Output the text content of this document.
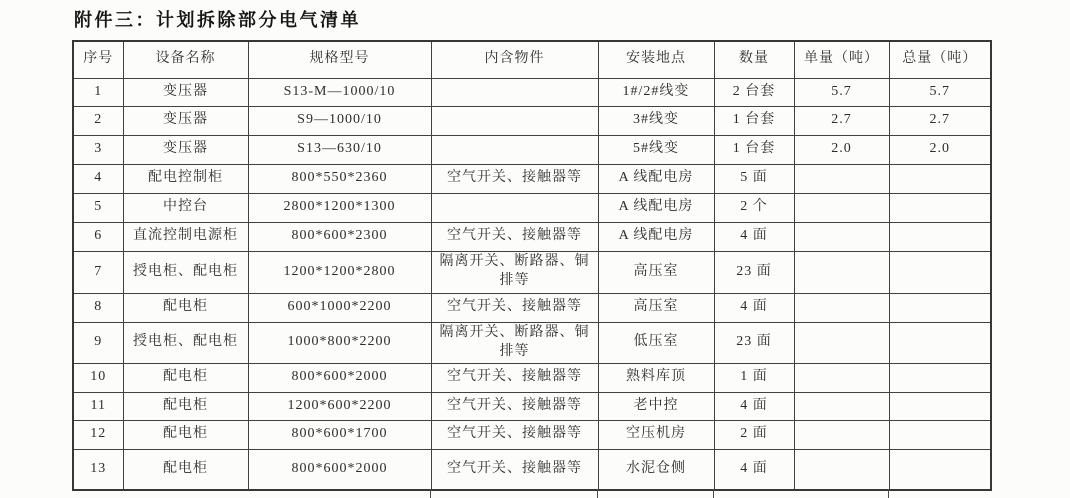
附件三：计划拆除部分电气清单
序号	设备名称	规格型号	内含物件	安装地点	数量	单量（吨）	总量（吨）
1	变压器	S13-M—1000/10		1#/2#线变	2 台套	5.7	5.7
2	变压器	S9—1000/10		3#线变	1 台套	2.7	2.7
3	变压器	S13—630/10		5#线变	1 台套	2.0	2.0
4	配电控制柜	800*550*2360	空气开关、接触器等	A 线配电房	5 面		
5	中控台	2800*1200*1300		A 线配电房	2 个		
6	直流控制电源柜	800*600*2300	空气开关、接触器等	A 线配电房	4 面		
7	授电柜、配电柜	1200*1200*2800	隔离开关、断路器、铜排等	高压室	23 面		
8	配电柜	600*1000*2200	空气开关、接触器等	高压室	4 面		
9	授电柜、配电柜	1000*800*2200	隔离开关、断路器、铜排等	低压室	23 面		
10	配电柜	800*600*2000	空气开关、接触器等	熟料库顶	1 面		
11	配电柜	1200*600*2200	空气开关、接触器等	老中控	4 面		
12	配电柜	800*600*1700	空气开关、接触器等	空压机房	2 面		
13	配电柜	800*600*2000	空气开关、接触器等	水泥仓侧	4 面		
